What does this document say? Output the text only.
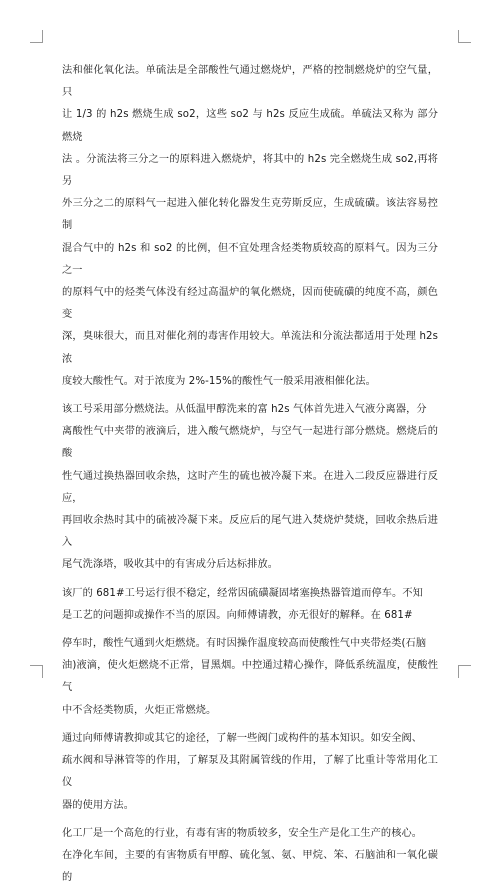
法和催化氧化法。单硫法是全部酸性气通过燃烧炉，严格的控制燃烧炉的空气量，只
让 1/3 的 h2s 燃烧生成 so2，这些 so2 与 h2s 反应生成硫。单硫法又称为 部分燃烧
法 。分流法将三分之一的原料进入燃烧炉，将其中的 h2s 完全燃烧生成 so2,再将另
外三分之二的原料气一起进入催化转化器发生克劳斯反应，生成硫磺。该法容易控制
混合气中的 h2s 和 so2 的比例，但不宜处理含烃类物质较高的原料气。因为三分之一
的原料气中的烃类气体没有经过高温炉的氧化燃烧，因而使硫磺的纯度不高，颜色变
深，臭味很大，而且对催化剂的毒害作用较大。单流法和分流法都适用于处理 h2s 浓
度较大酸性气。对于浓度为 2%-15%的酸性气一般采用液相催化法。

该工号采用部分燃烧法。从低温甲醇洗来的富 h2s 气体首先进入气液分离器，分
离酸性气中夹带的液滴后，进入酸气燃烧炉，与空气一起进行部分燃烧。燃烧后的酸
性气通过换热器回收余热，这时产生的硫也被冷凝下来。在进入二段反应器进行反应，
再回收余热时其中的硫被冷凝下来。反应后的尾气进入焚烧炉焚烧，回收余热后进入
尾气洗涤塔，吸收其中的有害成分后达标排放。

该厂的 681#工号运行很不稳定，经常因硫磺凝固堵塞换热器管道而停车。不知
是工艺的问题抑或操作不当的原因。向师傅请教，亦无很好的解释。在 681#

停车时，酸性气通到火炬燃烧。有时因操作温度较高而使酸性气中夹带烃类(石脑
油)液滴，使火炬燃烧不正常，冒黑烟。中控通过精心操作，降低系统温度，使酸性气
中不含烃类物质，火炬正常燃烧。

通过向师傅请教抑或其它的途径，了解一些阀门或构件的基本知识。如安全阀、
疏水阀和导淋管等的作用，了解泵及其附属管线的作用，了解了比重计等常用化工仪
器的使用方法。

化工厂是一个高危的行业，有毒有害的物质较多，安全生产是化工生产的核心。
在净化车间，主要的有害物质有甲醇、硫化氢、氨、甲烷、笨、石脑油和一氧化碳的
